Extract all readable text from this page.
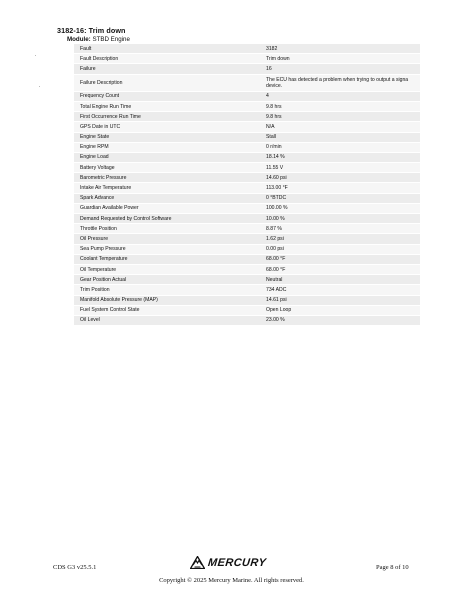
3182-16: Trim down
Module: STBD Engine
Fault	3182
Fault Description	Trim down
Failure	16
Failure Description	The ECU has detected a problem when trying to output a signa device.
Frequency Count	4
Total Engine Run Time	9.8 hrs
First Occurrence Run Time	9.8 hrs
GPS Date in UTC	N/A
Engine State	Stall
Engine RPM	0 r/min
Engine Load	18.14 %
Battery Voltage	11.55 V
Barometric Pressure	14.60 psi
Intake Air Temperature	113.00 °F
Spark Advance	0 °BTDC
Guardian Available Power	100.00 %
Demand Requested by Control Software	10.00 %
Throttle Position	8.87 %
Oil Pressure	1.62 psi
Sea Pump Pressure	0.00 psi
Coolant Temperature	68.00 °F
Oil Temperature	68.00 °F
Gear Position Actual	Neutral
Trim Position	734 ADC
Manifold Absolute Pressure (MAP)	14.61 psi
Fuel System Control State	Open Loop
Oil Level	23.00 %
CDS G3 v25.5.1	MERCURY	Page 8 of 10
Copyright © 2025 Mercury Marine. All rights reserved.
